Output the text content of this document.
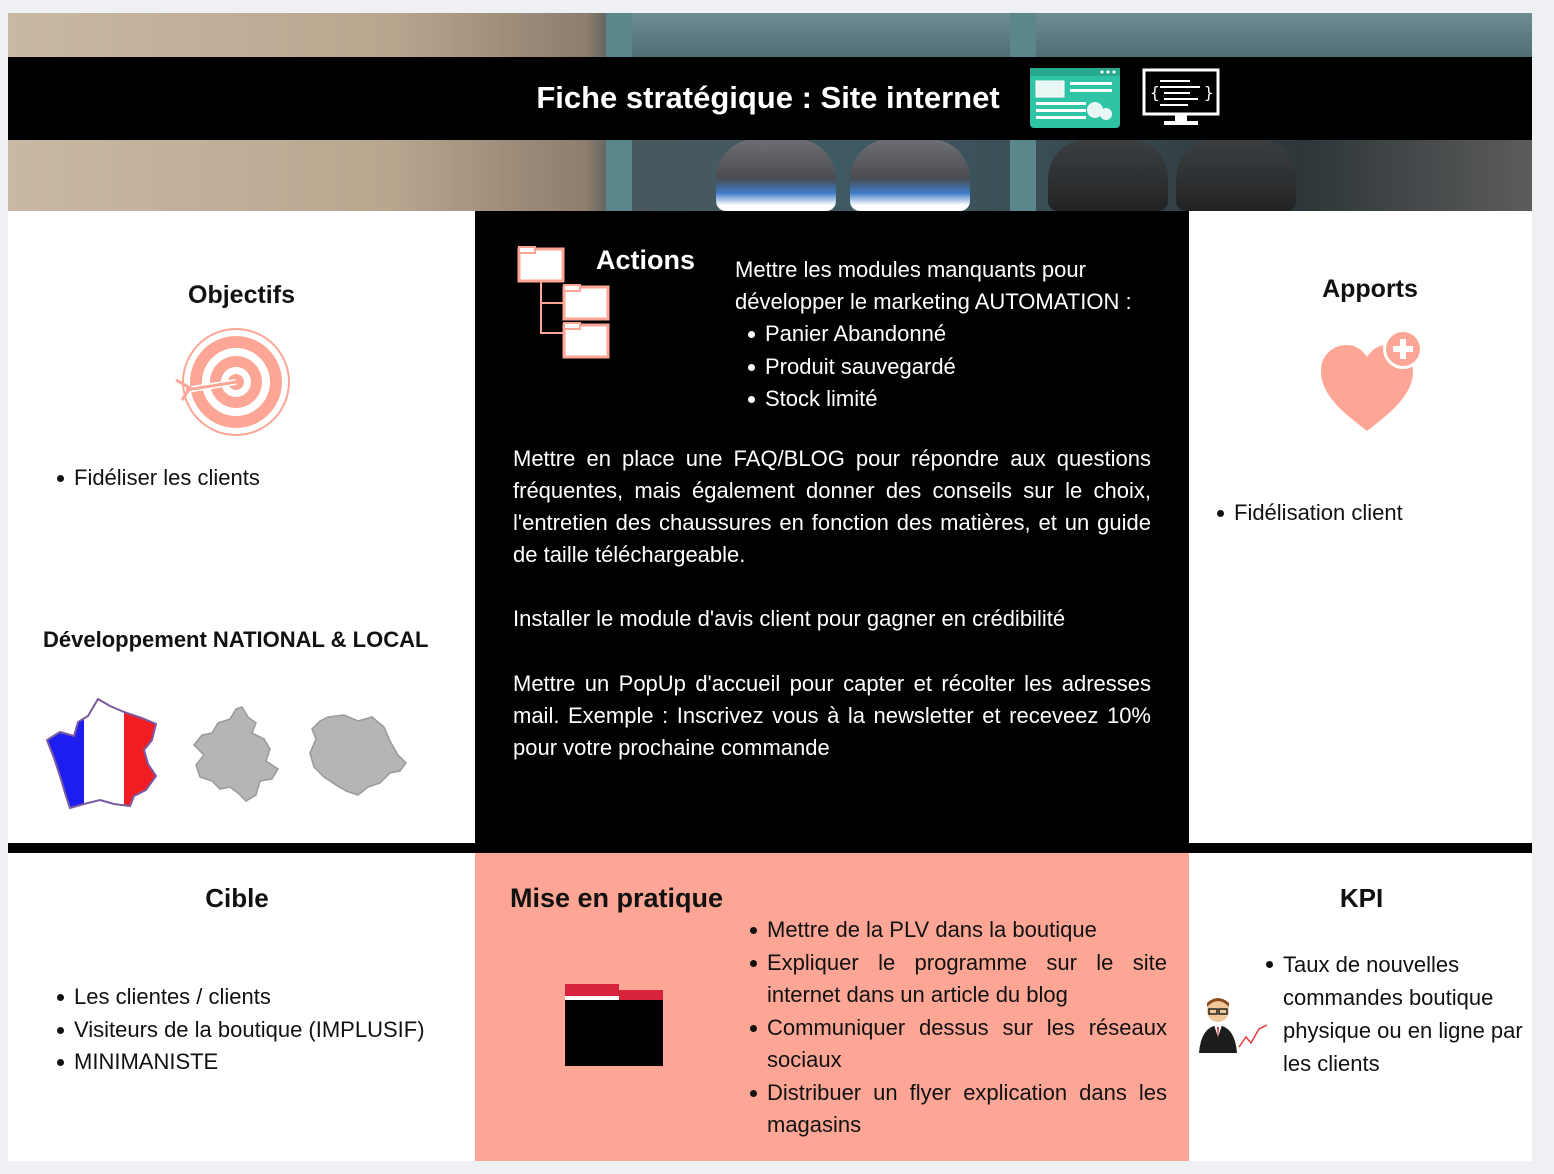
Fiche stratégique : Site internet	{	}
Objectifs
Fidéliser les clients
Développement NATIONAL & LOCAL
Actions Mettre les modules manquants pour développer le marketing AUTOMATION :
Panier Abandonné
Produit sauvegardé
Stock limité

Mettre en place une FAQ/BLOG pour répondre aux questions fréquentes, mais également donner des conseils sur le choix, l'entretien des chaussures en fonction des matières, et un guide de taille téléchargeable.

Installer le module d'avis client pour gagner en crédibilité

Mettre un PopUp d'accueil pour capter et récolter les adresses mail. Exemple : Inscrivez vous à la newsletter et receveez 10% pour votre prochaine commande

Apports
Fidélisation client
Cible
Les clientes / clients
Visiteurs de la boutique (IMPLUSIF)
MINIMANISTE
Mise en pratique
Mettre de la PLV dans la boutique
Expliquer le programme sur le site internet dans un article du blog
Communiquer dessus sur les réseaux sociaux
Distribuer un flyer explication dans les magasins
KPI
Taux de nouvelles commandes boutique physique ou en ligne par les clients
